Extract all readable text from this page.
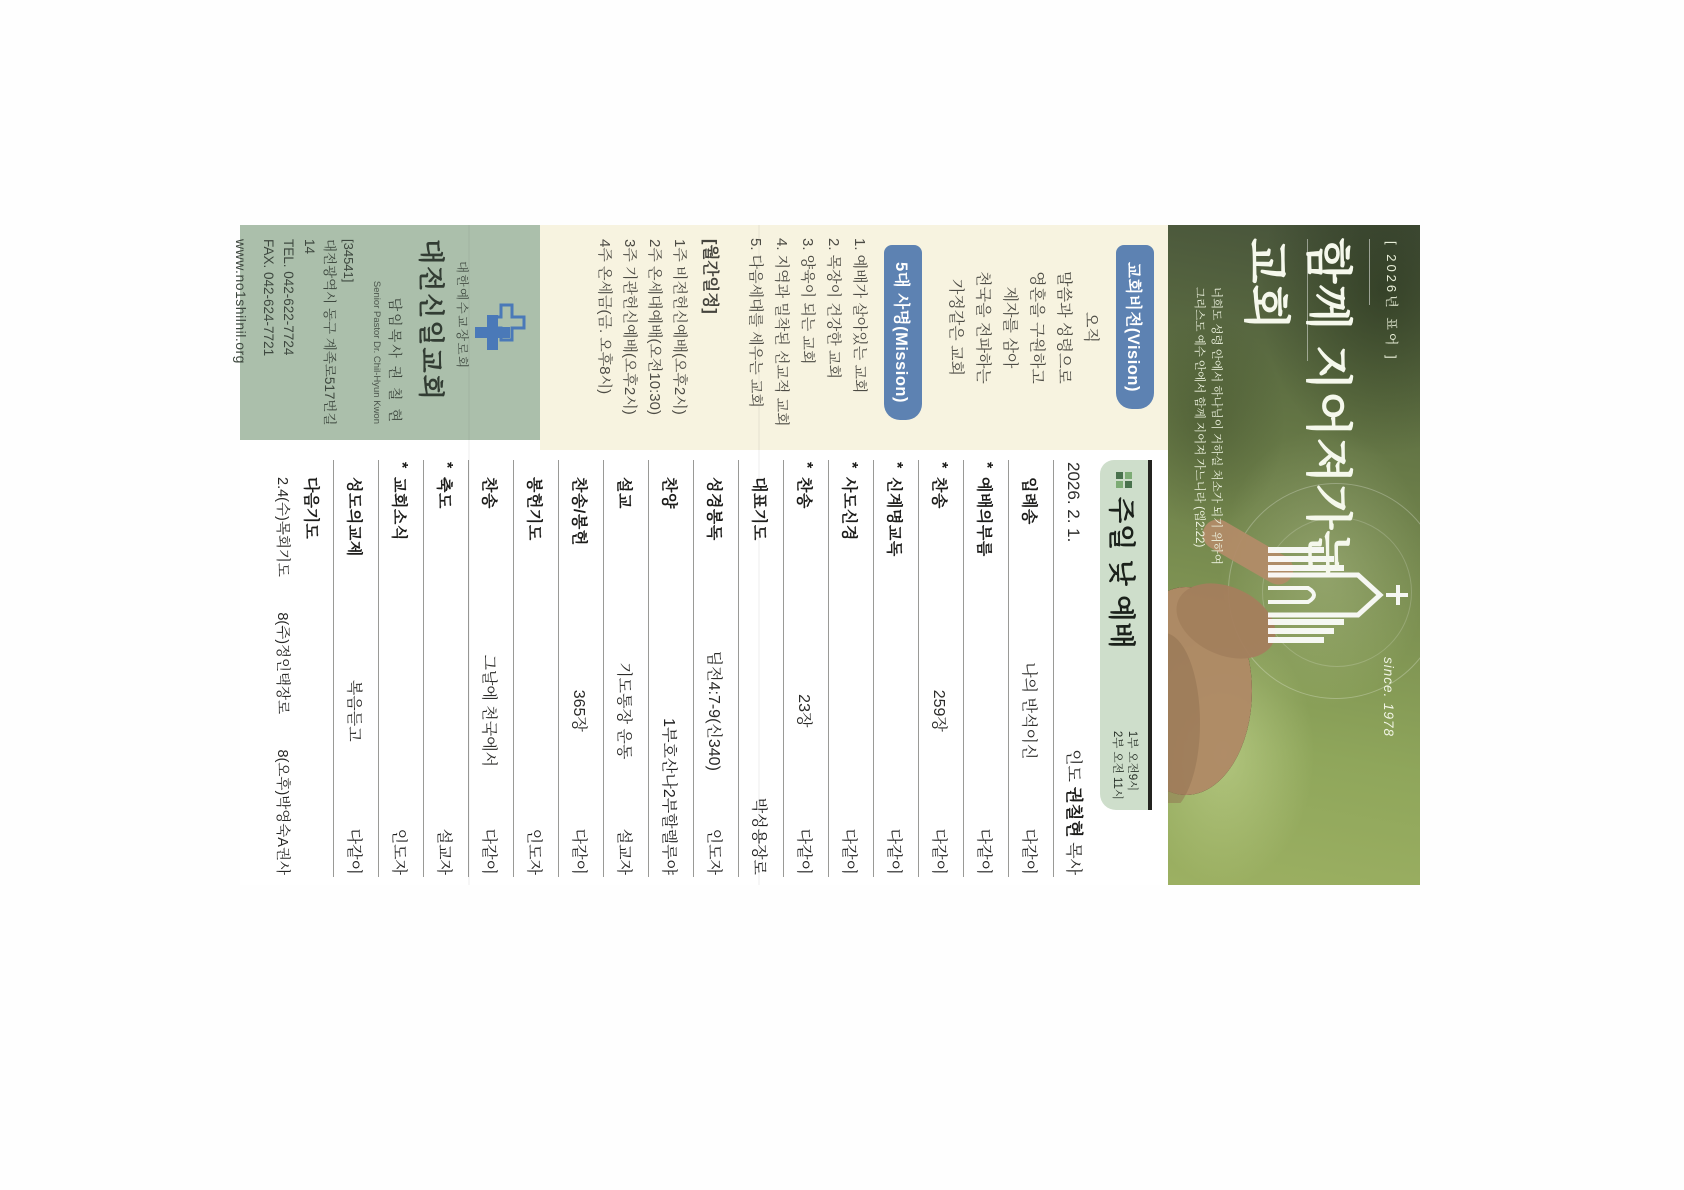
[ 2026년 표어 ]
since. 1978
함께 지어져가는
교회
너희도 성령 안에서 하나님이 거하실 처소가 되기 위하여
그리스도 예수 안에서 함께 지어져 가느니라 (엡2:22)
교회비전(Vision)
오직
말씀과 성령으로
영혼을 구원하고
제자를 삼아
천국을 전파하는
가정같은 교회
5대 사명(Mission)
1. 예배가 살아있는 교회
2. 목장이 건강한 교회
3. 양육이 되는 교회
4. 지역과 밀착된 선교적 교회
5. 다음세대를 세우는 교회
[월간일정]
1주 비전헌신예배(오후2시)
2주 온세대예배(오전10:30)
3주 기관헌신예배(오후2시)
4주 온세금(금. 오후8시)
대한예수교장로회
대전신일교회
담임목사 권 칠 현
Senior Pastor Dr. Chil-Hyun Kwon
[34541]
대전광역시 동구 계족로517번길14
TEL. 042-622-7724
FAX. 042-624-7721
www.no1shilnil.org
주일 낮 예배
1부 오전9시
2부 오전 11시
2026. 2. 1.
인도 권칠현 목사
입례송
나의 반석이신
다같이
*
예배의부름
다같이
*
찬송
259장
다같이
*
신계명교독
다같이
*
사도신경
다같이
*
찬송
23장
다같이
대표기도
박성용장로
성경봉독
딤전4:7-9(신340)
인도자
찬양
1부호산나2부할렐루야
설교
기도통장 운동
설교자
찬송/봉헌
365장
다같이
봉헌기도
인도자
찬송
그날에 천국에서
다같이
*
축도
설교자
*
교회소식
인도자
성도의교제
복음듣고
다같이
다음기도
2.4(수)목회기도
8(주)정인택장로
8(오후)박영숙A권사
